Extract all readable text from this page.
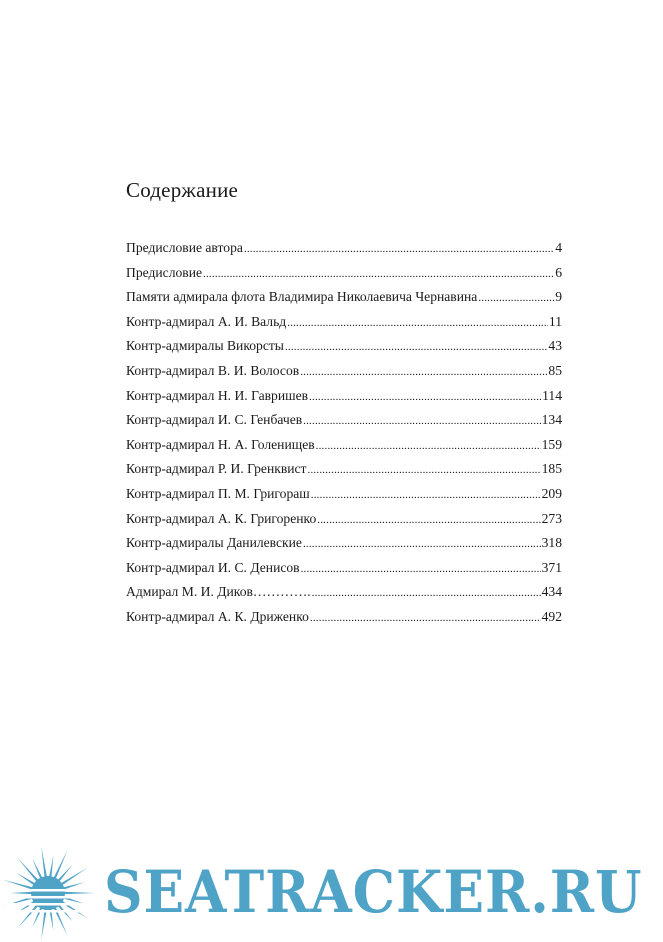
Содержание
Предисловие автора .....	4
Предисловие .....	6
Памяти адмирала флота Владимира Николаевича Чернавина .....	9
Контр-адмирал А. И. Вальд .....	11
Контр-адмиралы Викорсты .....	43
Контр-адмирал В. И. Волосов .....	85
Контр-адмирал Н. И. Гавришев .....	114
Контр-адмирал И. С. Генбачев .....	134
Контр-адмирал Н. А. Голенищев .....	159
Контр-адмирал Р. И. Гренквист .....	185
Контр-адмирал П. М. Григораш .....	209
Контр-адмирал А. К. Григоренко .....	273
Контр-адмиралы Данилевские .....	318
Контр-адмирал И. С. Денисов .....	371
Адмирал М. И. Диков…………. .....	434
Контр-адмирал А. К. Дриженко .....	492
SEATRACKER.RU
